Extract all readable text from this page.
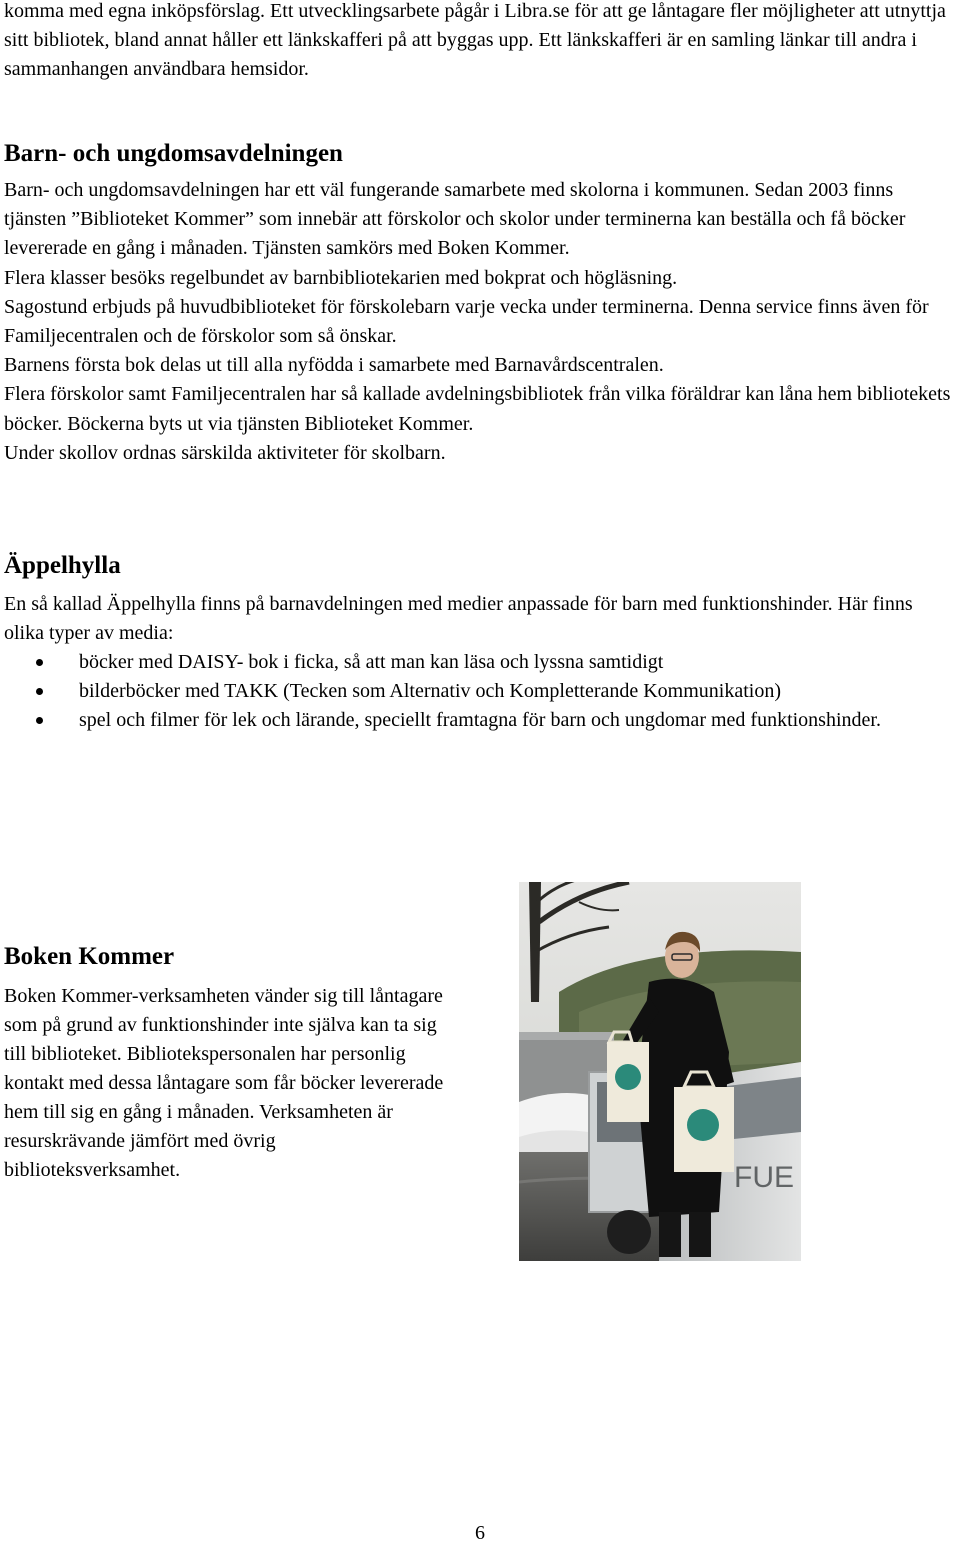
komma med egna inköpsförslag. Ett utvecklingsarbete pågår i Libra.se för att ge låntagare fler möjligheter att utnyttja sitt bibliotek, bland annat håller ett länkskafferi på att byggas upp. Ett länkskafferi är en samling länkar till andra i sammanhangen användbara hemsidor.

Barn- och ungdomsavdelningen

Barn- och ungdomsavdelningen har ett väl fungerande samarbete med skolorna i kommunen. Sedan 2003 finns tjänsten ”Biblioteket Kommer” som innebär att förskolor och skolor under terminerna kan beställa och få böcker levererade en gång i månaden. Tjänsten samkörs med Boken Kommer.

Flera klasser besöks regelbundet av barnbibliotekarien med bokprat och högläsning.

Sagostund erbjuds på huvudbiblioteket för förskolebarn varje vecka under terminerna. Denna service finns även för Familjecentralen och de förskolor som så önskar.

Barnens första bok delas ut till alla nyfödda i samarbete med Barnavårdscentralen.

Flera förskolor samt Familjecentralen har så kallade avdelningsbibliotek från vilka föräldrar kan låna hem bibliotekets böcker. Böckerna byts ut via tjänsten Biblioteket Kommer.

Under skollov ordnas särskilda aktiviteter för skolbarn.

Äppelhylla

En så kallad Äppelhylla finns på barnavdelningen med medier anpassade för barn med funktionshinder. Här finns olika typer av media:

böcker med DAISY- bok i ficka, så att man kan läsa och lyssna samtidigt
bilderböcker med TAKK (Tecken som Alternativ och Kompletterande Kommunikation)
spel och filmer för lek och lärande, speciellt framtagna för barn och ungdomar med funktionshinder.
Boken Kommer

Boken Kommer-verksamheten vänder sig till låntagare som på grund av funktionshinder inte själva kan ta sig till biblioteket. Bibliotekspersonalen har personlig kontakt med dessa låntagare som får böcker levererade hem till sig en gång i månaden. Verksamheten är resurskrävande jämfört med övrig biblioteksverksamhet.	FUE
6
